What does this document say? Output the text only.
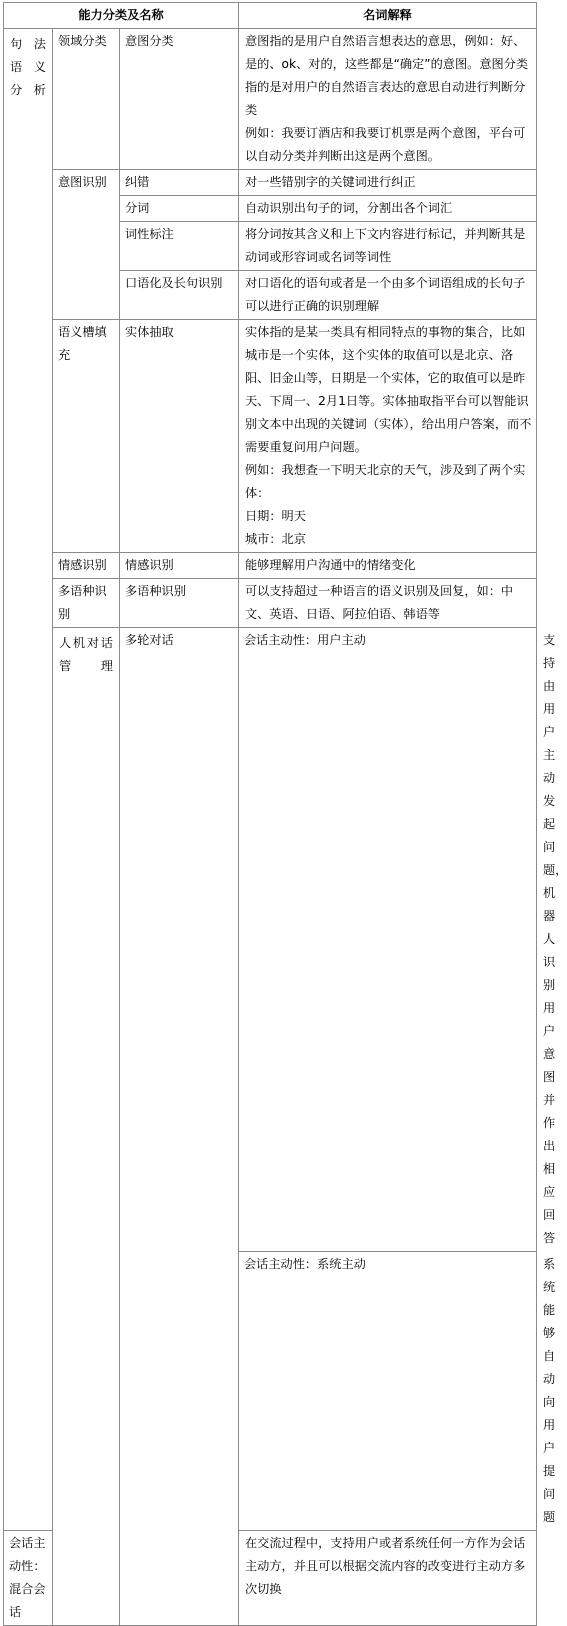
能力分类及名称			名词解释	
句法语义分析	领域分类	意图分类	意图指的是用户自然语言想表达的意思，例如：好、是的、ok、对的，这些都是“确定”的意图。意图分类指的是对用户的自然语言表达的意思自动进行判断分类
例如：我要订酒店和我要订机票是两个意图，平台可以自动分类并判断出这是两个意图。	

	意图识别	纠错	对一些错别字的关键词进行纠正	
		分词	自动识别出句子的词，分割出各个词汇	
		词性标注	将分词按其含义和上下文内容进行标记，并判断其是动词或形容词或名词等词性	
		口语化及长句识别	对口语化的语句或者是一个由多个词语组成的长句子可以进行正确的识别理解	
	语义槽填充	实体抽取	实体指的是某一类具有相同特点的事物的集合，比如城市是一个实体，这个实体的取值可以是北京、洛阳、旧金山等，日期是一个实体，它的取值可以是昨天、下周一、2月1日等。实体抽取指平台可以智能识别文本中出现的关键词（实体），给出用户答案，而不需要重复问用户问题。
例如：我想查一下明天北京的天气，涉及到了两个实体：
日期：明天
城市：北京	

	情感识别	情感识别	能够理解用户沟通中的情绪变化	
	多语种识别	多语种识别	可以支持超过一种语言的语义识别及回复，如：中文、英语、日语、阿拉伯语、韩语等	
	人机对话管理	多轮对话	会话主动性：用户主动	支持由用户主动发起问题，机器人识别用户意图并作出相应回答
			会话主动性：系统主动	系统能够自动向用户提问题
会话主动性：混合会话			在交流过程中，支持用户或者系统任何一方作为会话主动方，并且可以根据交流内容的改变进行主动方多次切换	
